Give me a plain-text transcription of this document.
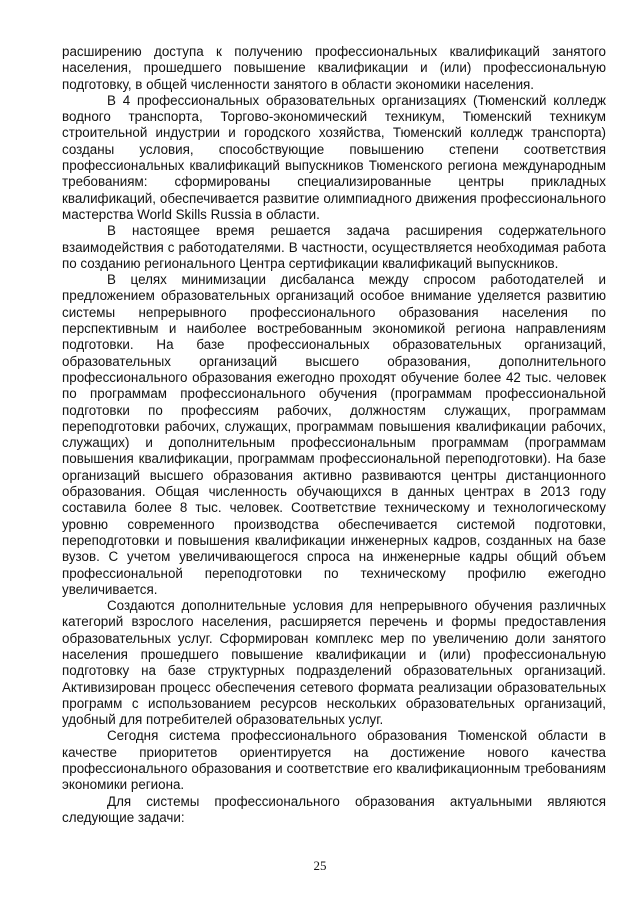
расширению доступа к получению профессиональных квалификаций занятого населения, прошедшего повышение квалификации и (или) профессиональную подготовку, в общей численности занятого в области экономики населения.

В 4 профессиональных образовательных организациях (Тюменский колледж водного транспорта, Торгово-экономический техникум, Тюменский техникум строительной индустрии и городского хозяйства, Тюменский колледж транспорта) созданы условия, способствующие повышению степени соответствия профессиональных квалификаций выпускников Тюменского региона международным требованиям: сформированы специализированные центры прикладных квалификаций, обеспечивается развитие олимпиадного движения профессионального мастерства World Skills Russia в области.

В настоящее время решается задача расширения содержательного взаимодействия с работодателями. В частности, осуществляется необходимая работа по созданию регионального Центра сертификации квалификаций выпускников.

В целях минимизации дисбаланса между спросом работодателей и предложением образовательных организаций особое внимание уделяется развитию системы непрерывного профессионального образования населения по перспективным и наиболее востребованным экономикой региона направлениям подготовки. На базе профессиональных образовательных организаций, образовательных организаций высшего образования, дополнительного профессионального образования ежегодно проходят обучение более 42 тыс. человек по программам профессионального обучения (программам профессиональной подготовки по профессиям рабочих, должностям служащих, программам переподготовки рабочих, служащих, программам повышения квалификации рабочих, служащих) и дополнительным профессиональным программам (программам повышения квалификации, программам профессиональной переподготовки). На базе организаций высшего образования активно развиваются центры дистанционного образования. Общая численность обучающихся в данных центрах в 2013 году составила более 8 тыс. человек. Соответствие техническому и технологическому уровню современного производства обеспечивается системой подготовки, переподготовки и повышения квалификации инженерных кадров, созданных на базе вузов. С учетом увеличивающегося спроса на инженерные кадры общий объем профессиональной переподготовки по техническому профилю ежегодно увеличивается.

Создаются дополнительные условия для непрерывного обучения различных категорий взрослого населения, расширяется перечень и формы предоставления образовательных услуг. Сформирован комплекс мер по увеличению доли занятого населения прошедшего повышение квалификации и (или) профессиональную подготовку на базе структурных подразделений образовательных организаций. Активизирован процесс обеспечения сетевого формата реализации образовательных программ с использованием ресурсов нескольких образовательных организаций, удобный для потребителей образовательных услуг.

Сегодня система профессионального образования Тюменской области в качестве приоритетов ориентируется на достижение нового качества профессионального образования и соответствие его квалификационным требованиям экономики региона.

Для системы профессионального образования актуальными являются следующие задачи:

25
